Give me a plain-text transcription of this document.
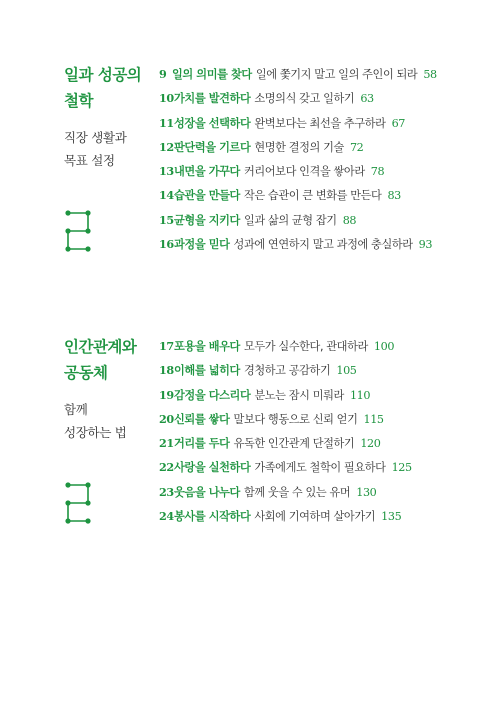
일과 성공의
철학
직장 생활과
목표 설정
9 일의 의미를 찾다 일에 쫓기지 말고 일의 주인이 되라 58
10가치를 발견하다 소명의식 갖고 일하기 63
11성장을 선택하다 완벽보다는 최선을 추구하라 67
12판단력을 기르다 현명한 결정의 기술 72
13내면을 가꾸다 커리어보다 인격을 쌓아라 78
14습관을 만들다 작은 습관이 큰 변화를 만든다 83
15균형을 지키다 일과 삶의 균형 잡기 88
16과정을 믿다 성과에 연연하지 말고 과정에 충실하라 93
인간관계와
공동체
함께
성장하는 법
17포용을 배우다 모두가 실수한다, 관대하라 100
18이해를 넓히다 경청하고 공감하기 105
19감정을 다스리다 분노는 잠시 미뤄라 110
20신뢰를 쌓다 말보다 행동으로 신뢰 얻기 115
21거리를 두다 유독한 인간관계 단절하기 120
22사랑을 실천하다 가족에게도 철학이 필요하다 125
23웃음을 나누다 함께 웃을 수 있는 유머 130
24봉사를 시작하다 사회에 기여하며 살아가기 135
